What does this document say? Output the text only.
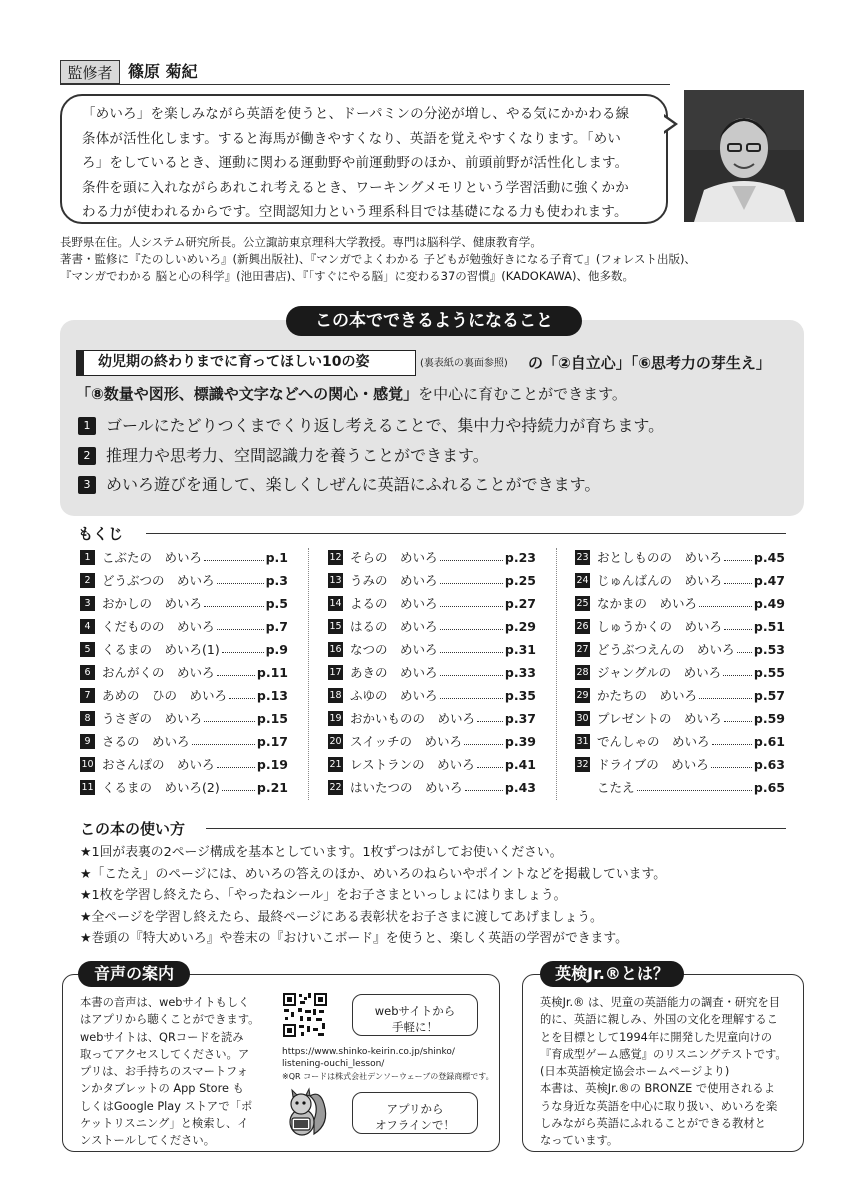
監修者 篠原 菊紀

「めいろ」を楽しみながら英語を使うと、ドーパミンの分泌が増し、やる気にかかわる線

条体が活性化します。すると海馬が働きやすくなり、英語を覚えやすくなります。「めい

ろ」をしているとき、運動に関わる運動野や前運動野のほか、前頭前野が活性化します。

条件を頭に入れながらあれこれ考えるとき、ワーキングメモリという学習活動に強くかか

わる力が使われるからです。空間認知力という理系科目では基礎になる力も使われます。

長野県在住。人システム研究所長。公立諏訪東京理科大学教授。専門は脳科学、健康教育学。

著書・監修に『たのしいめいろ』(新興出版社)、『マンガでよくわかる 子どもが勉強好きになる子育て』(フォレスト出版)、

『マンガでわかる 脳と心の科学』(池田書店)、『「すぐにやる脳」に変わる37の習慣』(KADOKAWA)、他多数。

この本でできるようになること
幼児期の終わりまでに育ってほしい10の姿	(裏表紙の裏面参照) の「②自立心」「⑥思考力の芽生え」
「⑧数量や図形、標識や文字などへの関心・感覚」を中心に育むことができます。
1 ゴールにたどりつくまでくり返し考えることで、集中力や持続力が育ちます。
2 推理力や思考力、空間認識力を養うことができます。
3 めいろ遊びを通して、楽しくしぜんに英語にふれることができます。
もくじ
1 こぶたの　めいろ	p.1
2 どうぶつの　めいろ	p.3
3 おかしの　めいろ	p.5
4 くだものの　めいろ	p.7
5 くるまの　めいろ(1)	p.9
6 おんがくの　めいろ	p.11
7 あめの　ひの　めいろ p.13
8 うさぎの　めいろ	p.15
9 さるの　めいろ	p.17
10 おさんぽの　めいろ	p.19
11 くるまの　めいろ(2)	p.21
12 そらの　めいろ	p.23
13 うみの　めいろ	p.25
14 よるの　めいろ	p.27
15 はるの　めいろ	p.29
16 なつの　めいろ	p.31
17 あきの　めいろ	p.33
18 ふゆの　めいろ	p.35
19 おかいものの　めいろ p.37
20 スイッチの　めいろ	p.39
21 レストランの　めいろ p.41
22 はいたつの　めいろ	p.43
23 おとしものの　めいろ	p.45
24 じゅんばんの　めいろ	p.47
25 なかまの　めいろ	p.49
26 しゅうかくの　めいろ	p.51
27 どうぶつえんの　めいろ p.53
28 ジャングルの　めいろ	p.55
29 かたちの　めいろ	p.57
30 プレゼントの　めいろ	p.59
31 でんしゃの　めいろ	p.61
32 ドライブの　めいろ	p.63
こたえ	p.65
この本の使い方

★1回が表裏の2ページ構成を基本としています。1枚ずつはがしてお使いください。

★「こたえ」のページには、めいろの答えのほか、めいろのねらいやポイントなどを掲載しています。

★1枚を学習し終えたら、「やったねシール」をお子さまといっしょにはりましょう。

★全ページを学習し終えたら、最終ページにある表彰状をお子さまに渡してあげましょう。

★巻頭の『特大めいろ』や巻末の『おけいこボード』を使うと、楽しく英語の学習ができます。

音声の案内

本書の音声は、webサイトもしく

はアプリから聴くことができます。

webサイトは、QRコードを読み

取ってアクセスしてください。ア

プリは、お手持ちのスマートフォ

ンかタブレットの App Store も

しくはGoogle Play ストアで「ポ

ケットリスニング」と検索し、イ

ンストールしてください。

webサイトから
手軽に！
https://www.shinko-keirin.co.jp/shinko/
listening-ouchi_lesson/
※QR コードは株式会社デンソーウェーブの登録商標です。
アプリから
オフラインで！
英検Jr.®とは？

英検Jr.® は、児童の英語能力の調査・研究を目

的に、英語に親しみ、外国の文化を理解するこ

とを目標として1994年に開発した児童向けの

『育成型ゲーム感覚』のリスニングテストです。

(日本英語検定協会ホームページより)

本書は、英検Jr.®の BRONZE で使用されるよ

うな身近な英語を中心に取り扱い、めいろを楽

しみながら英語にふれることができる教材と

なっています。
